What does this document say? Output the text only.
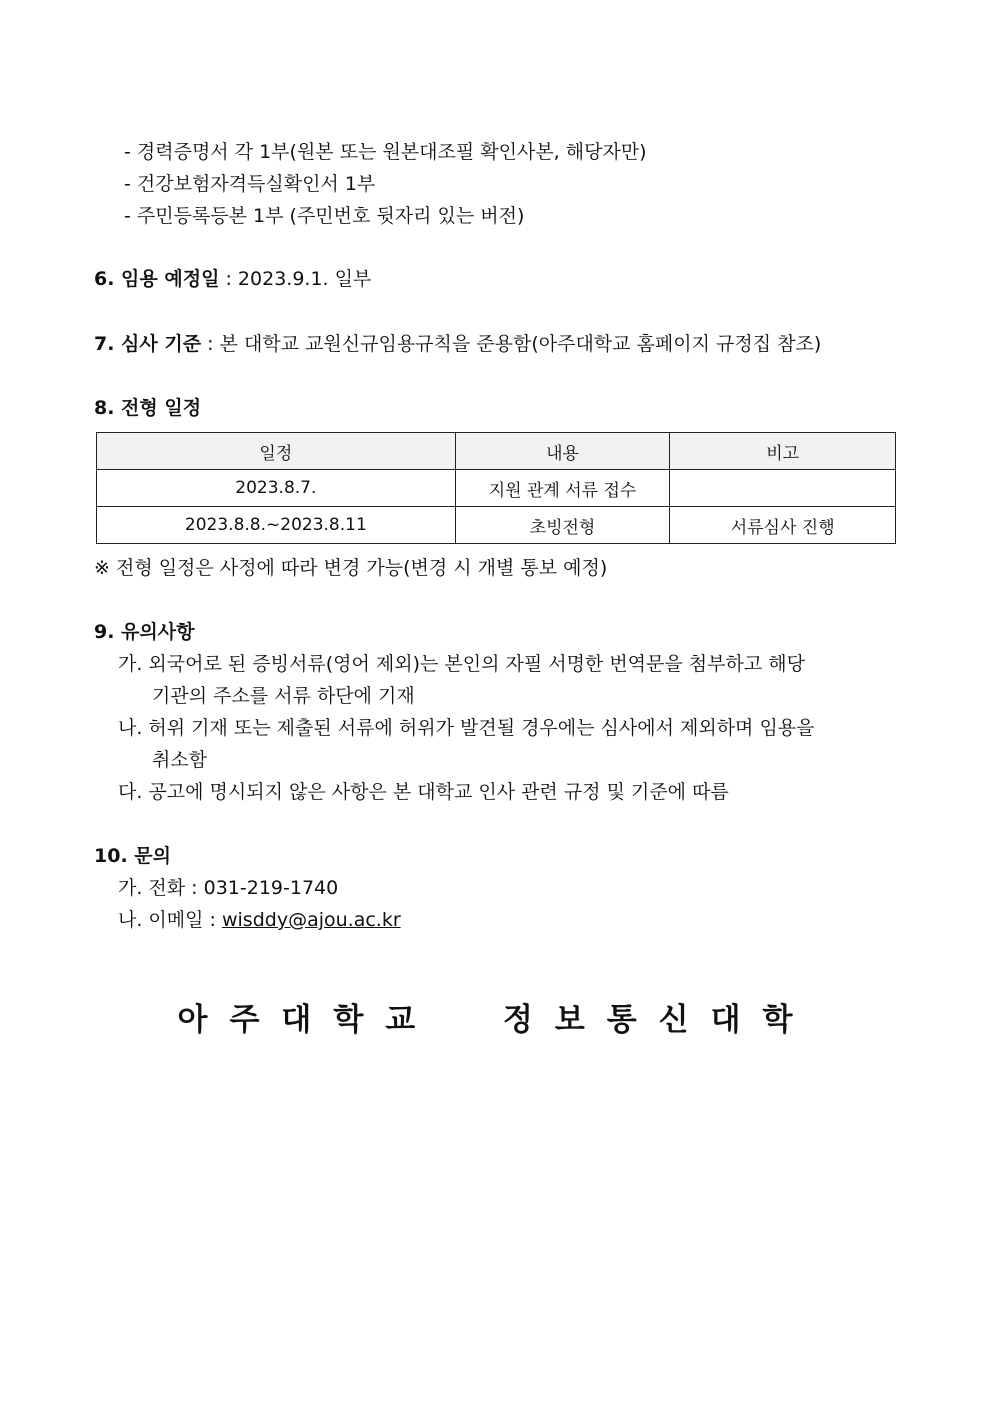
- 경력증명서 각 1부(원본 또는 원본대조필 확인사본, 해당자만)
- 건강보험자격득실확인서 1부
- 주민등록등본 1부 (주민번호 뒷자리 있는 버전)
6. 임용 예정일 : 2023.9.1. 일부
7. 심사 기준 : 본 대학교 교원신규임용규칙을 준용함(아주대학교 홈페이지 규정집 참조)
8. 전형 일정
일정	내용	비고
2023.8.7.	지원 관계 서류 접수	
2023.8.8.~2023.8.11	초빙전형	서류심사 진행
※ 전형 일정은 사정에 따라 변경 가능(변경 시 개별 통보 예정)
9. 유의사항
가. 외국어로 된 증빙서류(영어 제외)는 본인의 자필 서명한 번역문을 첨부하고 해당
기관의 주소를 서류 하단에 기재
나. 허위 기재 또는 제출된 서류에 허위가 발견될 경우에는 심사에서 제외하며 임용을
취소함
다. 공고에 명시되지 않은 사항은 본 대학교 인사 관련 규정 및 기준에 따름
10. 문의
가. 전화 : 031-219-1740
나. 이메일 : wisddy@ajou.ac.kr
아주대학교  정보통신대학
